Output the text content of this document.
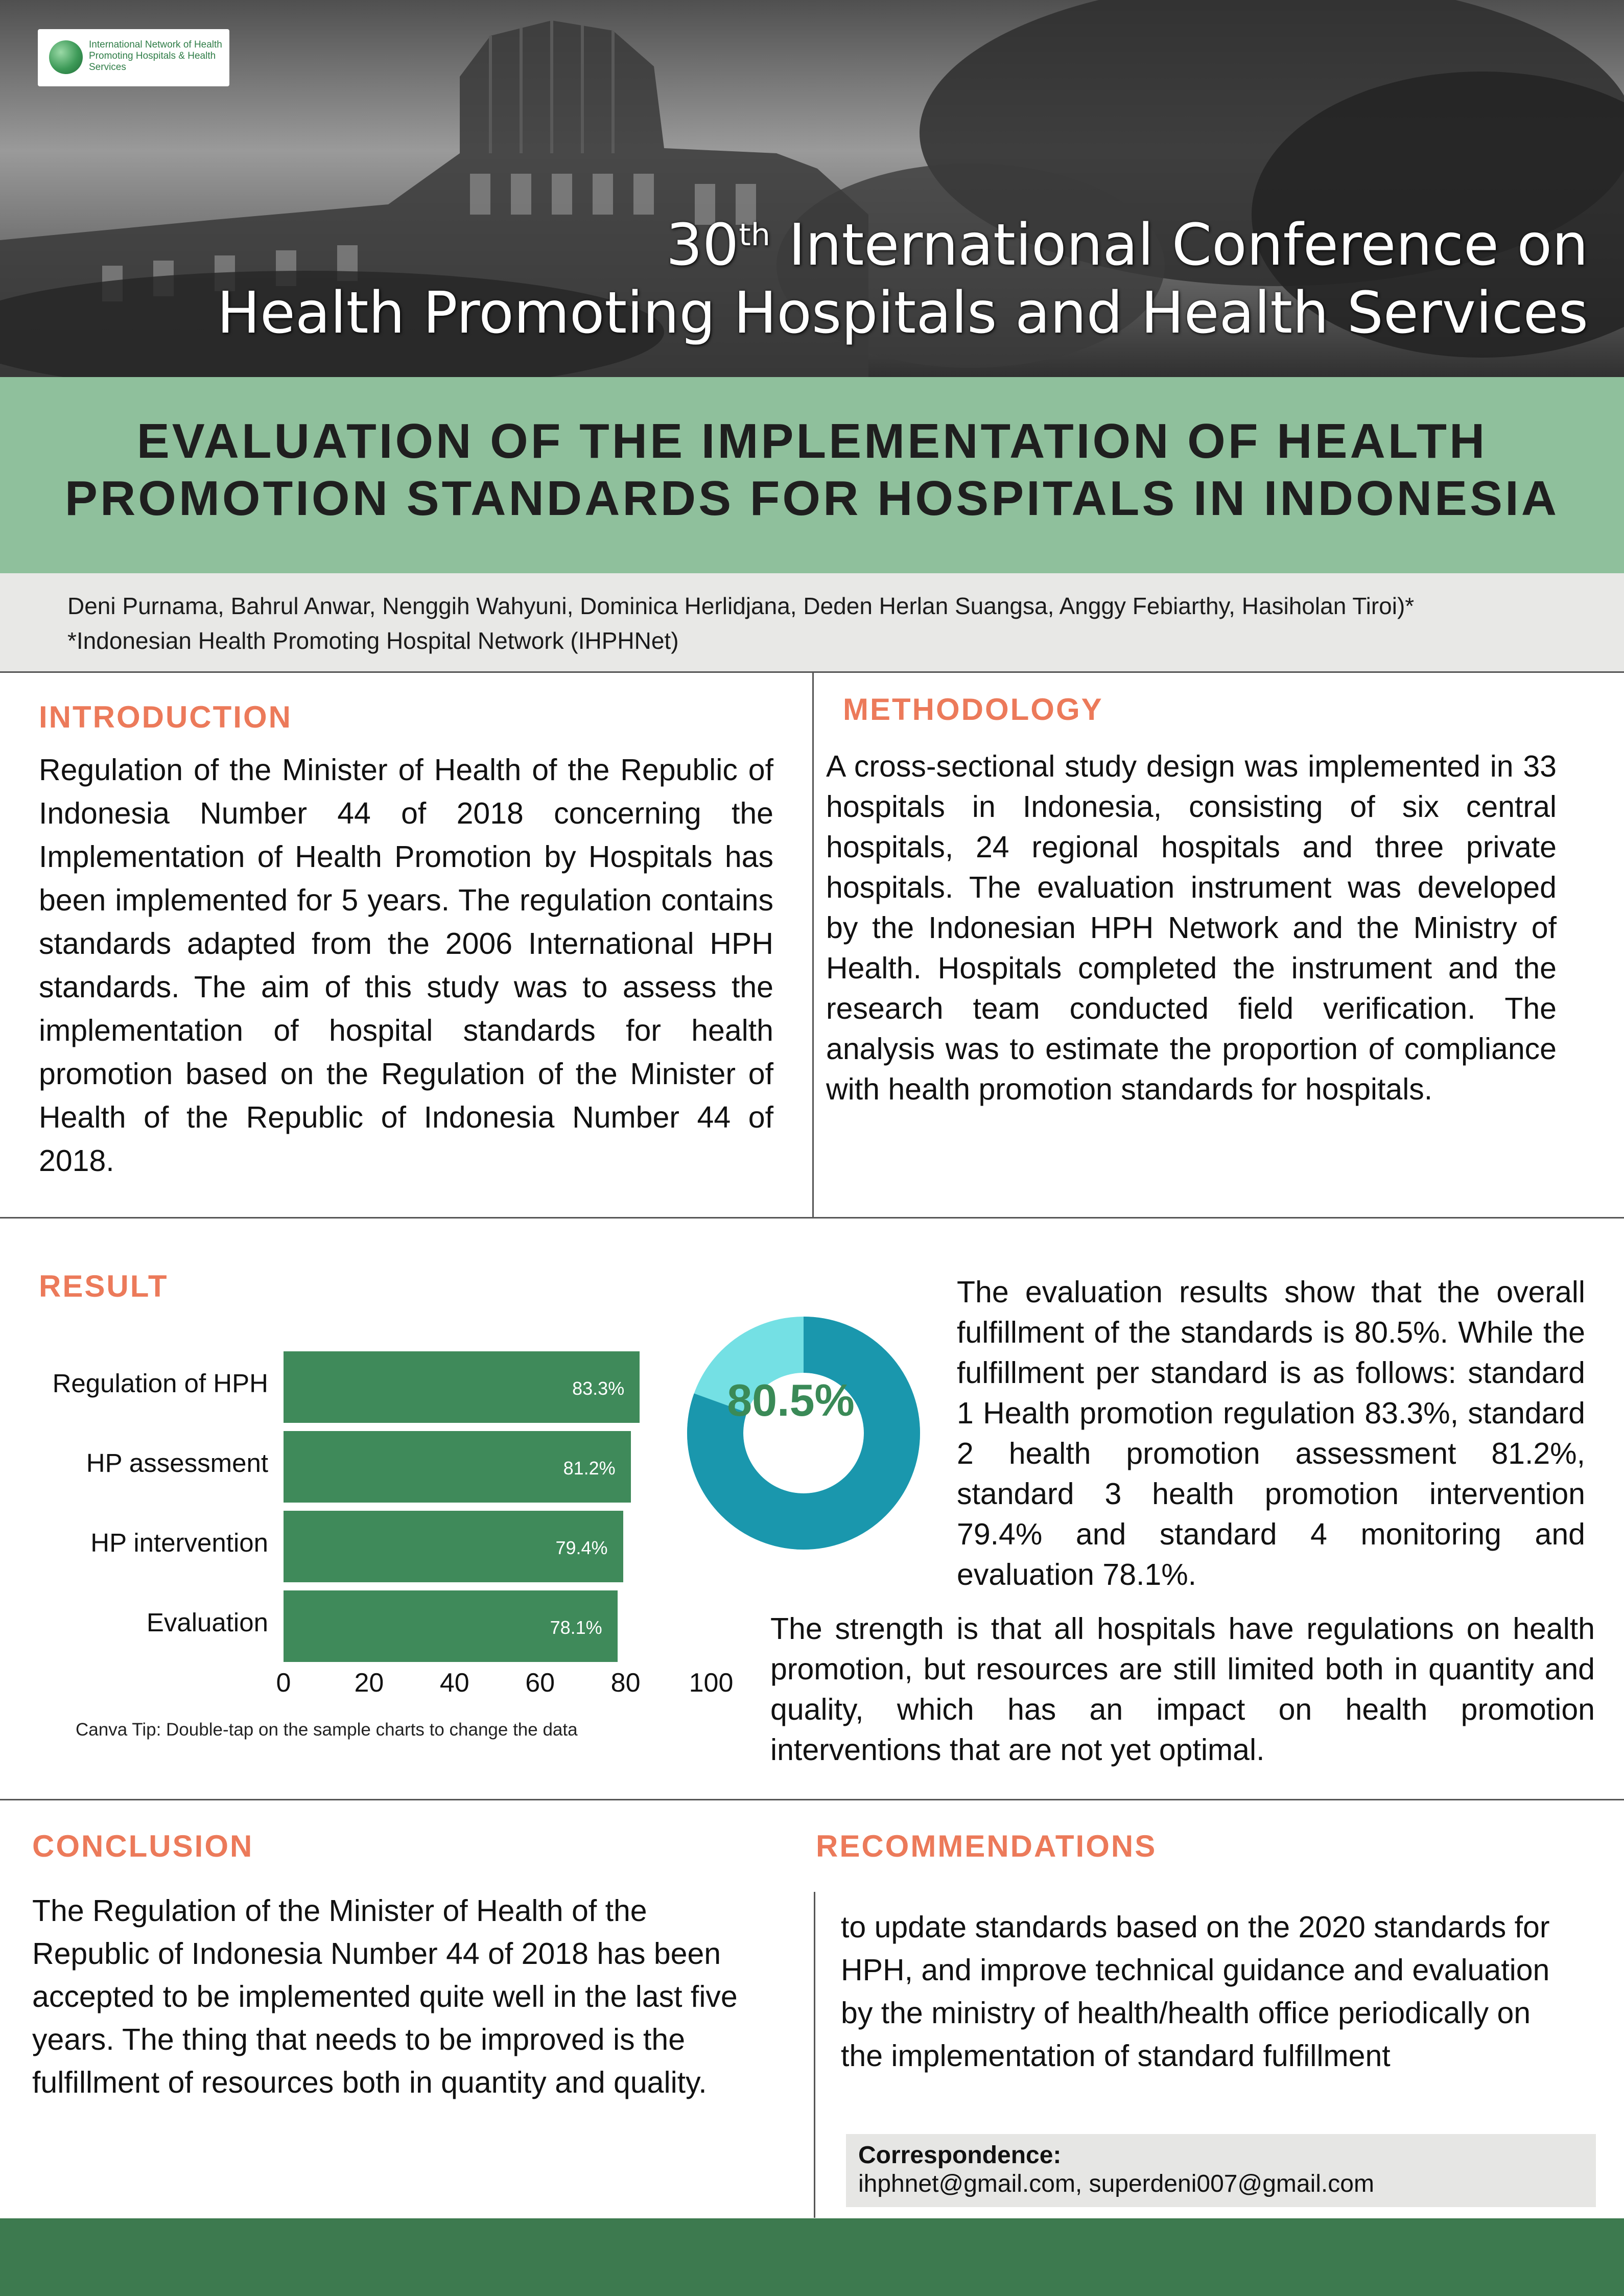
International Network of Health Promoting Hospitals & Health Services
30th International Conference on
Health Promoting Hospitals and Health Services
EVALUATION OF THE IMPLEMENTATION OF HEALTH
PROMOTION STANDARDS FOR HOSPITALS IN INDONESIA
Deni Purnama, Bahrul Anwar, Nenggih Wahyuni, Dominica Herlidjana, Deden Herlan Suangsa, Anggy Febiarthy, Hasiholan Tiroi)*
*Indonesian Health Promoting Hospital Network (IHPHNet)
INTRODUCTION
Regulation of the Minister of Health of the Republic of Indonesia Number 44 of 2018 concerning the Implementation of Health Promotion by Hospitals has been implemented for 5 years. The regulation contains standards adapted from the 2006 International HPH standards. The aim of this study was to assess the implementation of hospital standards for health promotion based on the Regulation of the Minister of Health of the Republic of Indonesia Number 44 of 2018.
METHODOLOGY
A cross-sectional study design was implemented in 33 hospitals in Indonesia, consisting of six central hospitals, 24 regional hospitals and three private hospitals. The evaluation instrument was developed by the Indonesian HPH Network and the Ministry of Health. Hospitals completed the instrument and the research team conducted field verification. The analysis was to estimate the proportion of compliance with health promotion standards for hospitals.
RESULT
Regulation of HPH
HP assessment
HP intervention
Evaluation
83.3%
81.2%
79.4%
78.1%
0 20 40 60 80 100
Canva Tip: Double-tap on the sample charts to change the data
80.5%
The evaluation results show that the overall fulfillment of the standards is 80.5%. While the fulfillment per standard is as follows: standard 1 Health promotion regulation 83.3%, standard 2 health promotion assessment 81.2%, standard 3 health promotion intervention 79.4% and standard 4 monitoring and evaluation 78.1%.
The strength is that all hospitals have regulations on health promotion, but resources are still limited both in quantity and quality, which has an impact on health promotion interventions that are not yet optimal.
CONCLUSION
The Regulation of the Minister of Health of the Republic of Indonesia Number 44 of 2018 has been accepted to be implemented quite well in the last five years. The thing that needs to be improved is the fulfillment of resources both in quantity and quality.
RECOMMENDATIONS
to update standards based on the 2020 standards for HPH, and improve technical guidance and evaluation by the ministry of health/health office periodically on the implementation of standard fulfillment
Correspondence:
ihphnet@gmail.com, superdeni007@gmail.com
